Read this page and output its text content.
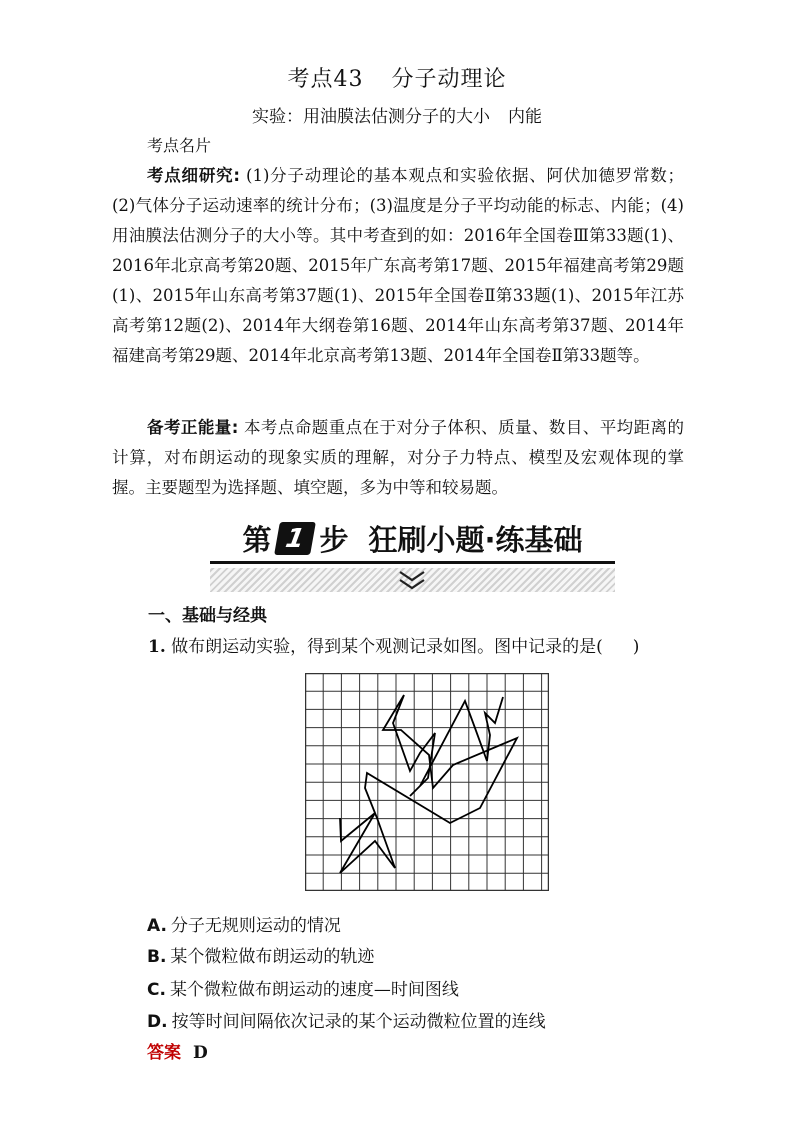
考点43 分子动理论
实验：用油膜法估测分子的大小 内能
考点名片
考点细研究: (1)分子动理论的基本观点和实验依据、阿伏加德罗常数；(2)气体分子运动速率的统计分布；(3)温度是分子平均动能的标志、内能；(4)用油膜法估测分子的大小等。其中考查到的如：2016年全国卷Ⅲ第33题(1)、2016年北京高考第20题、2015年广东高考第17题、2015年福建高考第29题(1)、2015年山东高考第37题(1)、2015年全国卷Ⅱ第33题(1)、2015年江苏高考第12题(2)、2014年大纲卷第16题、2014年山东高考第37题、2014年福建高考第29题、2014年北京高考第13题、2014年全国卷Ⅱ第33题等。
备考正能量: 本考点命题重点在于对分子体积、质量、数目、平均距离的计算，对布朗运动的现象实质的理解，对分子力特点、模型及宏观体现的掌握。主要题型为选择题、填空题，多为中等和较易题。
第 1 步 狂刷小题·练基础
一、基础与经典
1. 做布朗运动实验，得到某个观测记录如图。图中记录的是( )
A. 分子无规则运动的情况
B. 某个微粒做布朗运动的轨迹
C. 某个微粒做布朗运动的速度—时间图线
D. 按等时间间隔依次记录的某个运动微粒位置的连线
答案 D
